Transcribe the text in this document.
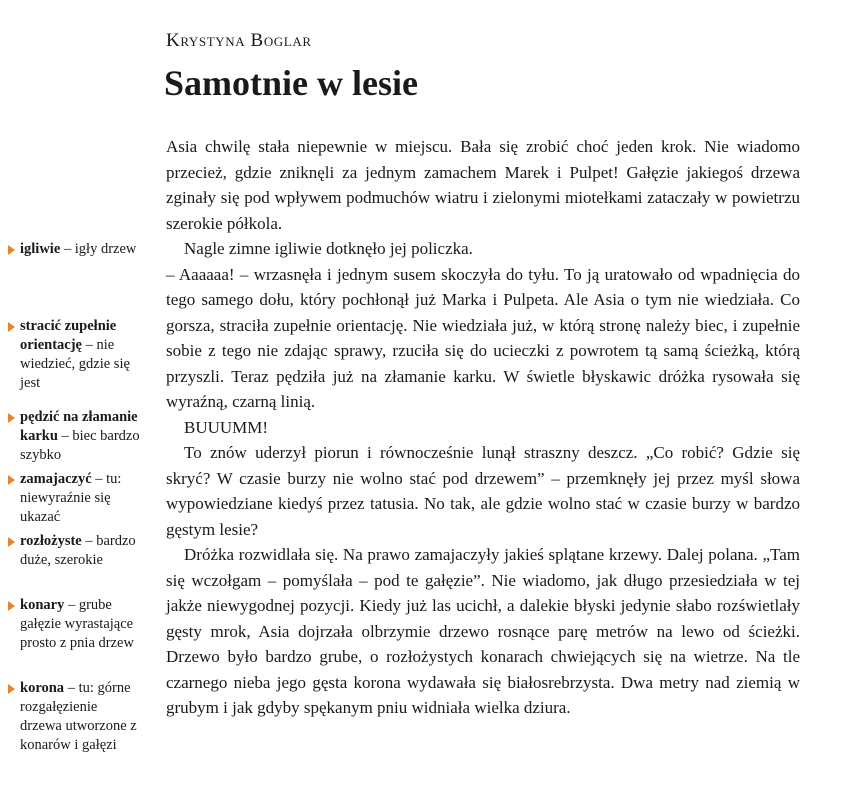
Krystyna Boglar
Samotnie w lesie
igliwie – igły drzew
stracić zupełnie orientację – nie wiedzieć, gdzie się jest
pędzić na złamanie karku – biec bardzo szybko
zamajaczyć – tu: niewyraźnie się ukazać
rozłożyste – bardzo duże, szerokie
konary – grube gałęzie wyrastające prosto z pnia drzew
korona – tu: górne rozgałęzienie drzewa utworzone z konarów i gałęzi

Asia chwilę stała niepewnie w miejscu. Bała się zrobić choć jeden krok. Nie wiadomo przecież, gdzie zniknęli za jednym zamachem Marek i Pulpet! Gałęzie jakiegoś drzewa zginały się pod wpływem podmuchów wiatru i zielonymi miotełkami zataczały w powietrzu szerokie półkola.

Nagle zimne igliwie dotknęło jej policzka.

– Aaaaaa! – wrzasnęła i jednym susem skoczyła do tyłu. To ją uratowało od wpadnięcia do tego samego dołu, który pochłonął już Marka i Pulpeta. Ale Asia o tym nie wiedziała. Co gorsza, straciła zupełnie orientację. Nie wiedziała już, w którą stronę należy biec, i zupełnie sobie z tego nie zdając sprawy, rzuciła się do ucieczki z powrotem tą samą ścieżką, którą przyszli. Teraz pędziła już na złamanie karku. W świetle błyskawic dróżka rysowała się wyraźną, czarną linią.

BUUUMM!

To znów uderzył piorun i równocześnie lunął straszny deszcz. „Co robić? Gdzie się skryć? W czasie burzy nie wolno stać pod drzewem” – przemknęły jej przez myśl słowa wypowiedziane kiedyś przez tatusia. No tak, ale gdzie wolno stać w czasie burzy w bardzo gęstym lesie?

Dróżka rozwidlała się. Na prawo zamajaczyły jakieś splątane krzewy. Dalej polana. „Tam się wczołgam – pomyślała – pod te gałęzie”. Nie wiadomo, jak długo przesiedziała w tej jakże niewygodnej pozycji. Kiedy już las ucichł, a dalekie błyski jedynie słabo rozświetlały gęsty mrok, Asia dojrzała olbrzymie drzewo rosnące parę metrów na lewo od ścieżki. Drzewo było bardzo grube, o rozłożystych konarach chwiejących się na wietrze. Na tle czarnego nieba jego gęsta korona wydawała się białosrebrzysta. Dwa metry nad ziemią w grubym i jak gdyby spękanym pniu widniała wielka dziura.
